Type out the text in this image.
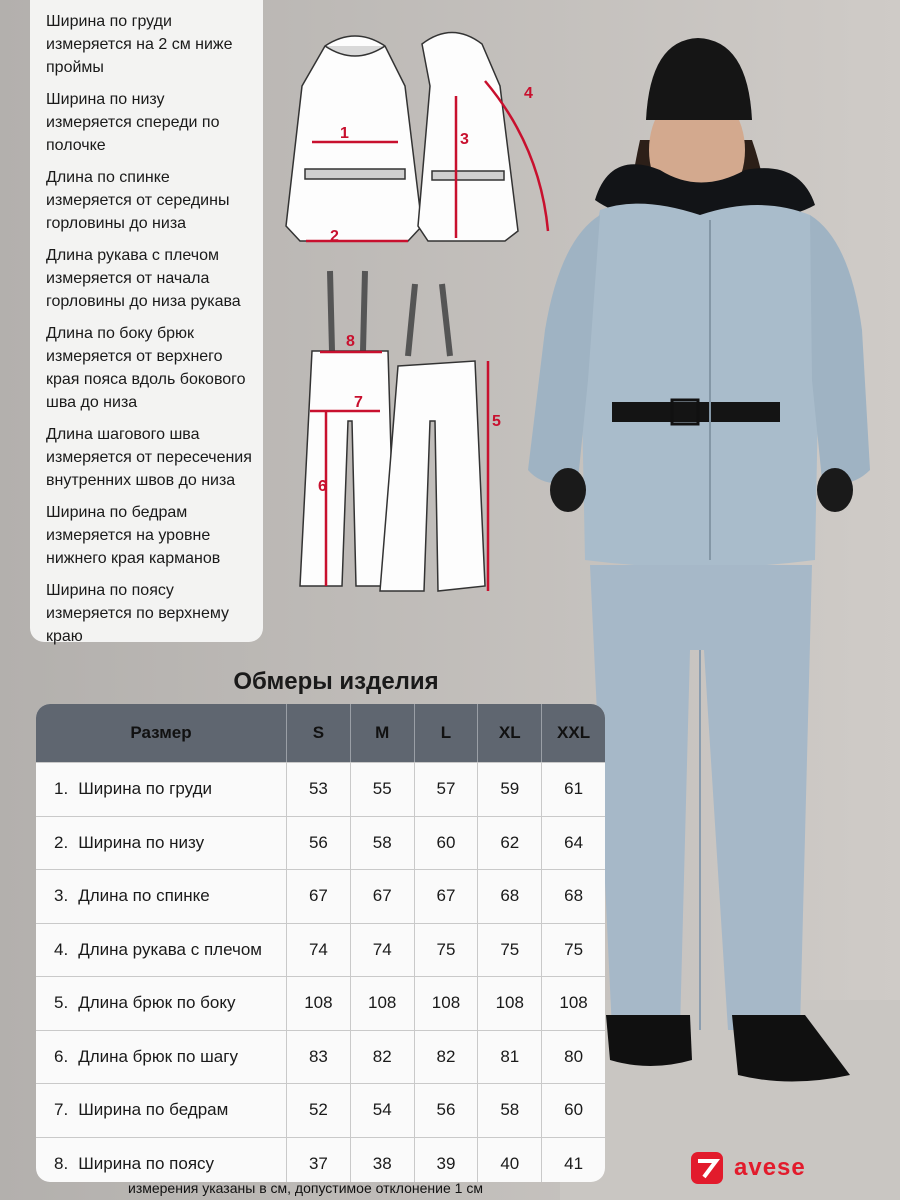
Ширина по груди измеряется на 2 см ниже проймы
Ширина по низу измеряется спереди по полочке
Длина по спинке измеряется от середины горловины до низа
Длина рукава с плечом измеряется от начала горловины до низа рукава
Длина по боку брюк измеряется от верхнего края пояса вдоль бокового шва до низа
Длина шагового шва измеряется от пересечения внутренних швов до низа
Ширина по бедрам измеряется на уровне нижнего края карманов
Ширина по поясу измеряется по верхнему краю
1
2
3
4
5
6
7
8
Обмеры изделия
Размер	S	M	L	XL	XXL
1. Ширина по груди	53	55	57	59	61
2. Ширина по низу	56	58	60	62	64
3. Длина по спинке	67	67	67	68	68
4. Длина рукава с плечом	74	74	75	75	75
5. Длина брюк по боку	108	108	108	108	108
6. Длина брюк по шагу	83	82	82	81	80
7. Ширина по бедрам	52	54	56	58	60
8. Ширина по поясу	37	38	39	40	41
измерения указаны в см, допустимое отклонение 1 см
avese
